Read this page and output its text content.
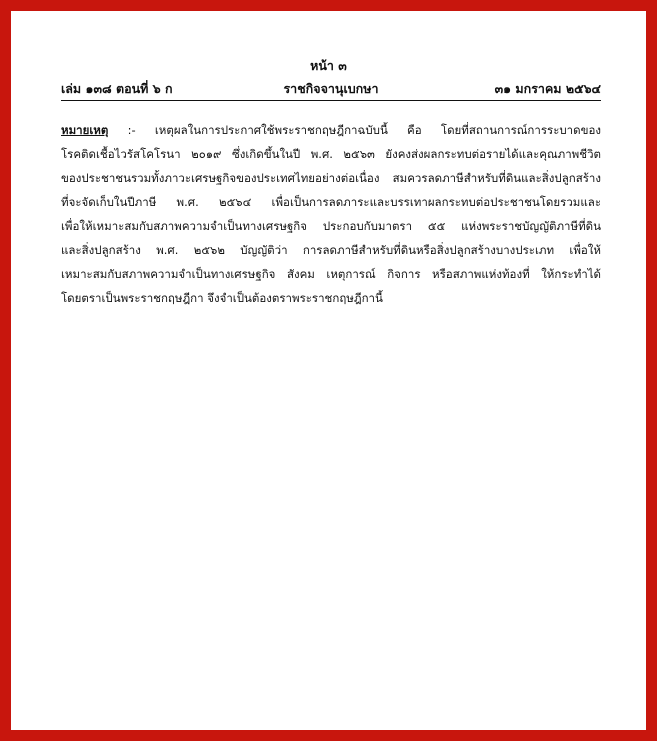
หน้า ๓
เล่ม ๑๓๘ ตอนที่ ๖ ก	ราชกิจจานุเบกษา	๓๑ มกราคม ๒๕๖๔
หมายเหตุ :- เหตุผลในการประกาศใช้พระราชกฤษฎีกาฉบับนี้ คือ โดยที่สถานการณ์การระบาดของ
โรคติดเชื้อไวรัสโคโรนา ๒๐๑๙ ซึ่งเกิดขึ้นในปี พ.ศ. ๒๕๖๓ ยังคงส่งผลกระทบต่อรายได้และคุณภาพชีวิต
ของประชาชนรวมทั้งภาวะเศรษฐกิจของประเทศไทยอย่างต่อเนื่อง สมควรลดภาษีสำหรับที่ดินและสิ่งปลูกสร้าง
ที่จะจัดเก็บในปีภาษี พ.ศ. ๒๕๖๔ เพื่อเป็นการลดภาระและบรรเทาผลกระทบต่อประชาชนโดยรวมและ
เพื่อให้เหมาะสมกับสภาพความจำเป็นทางเศรษฐกิจ ประกอบกับมาตรา ๕๕ แห่งพระราชบัญญัติภาษีที่ดิน
และสิ่งปลูกสร้าง พ.ศ. ๒๕๖๒ บัญญัติว่า การลดภาษีสำหรับที่ดินหรือสิ่งปลูกสร้างบางประเภท เพื่อให้
เหมาะสมกับสภาพความจำเป็นทางเศรษฐกิจ สังคม เหตุการณ์ กิจการ หรือสภาพแห่งท้องที่ ให้กระทำได้
โดยตราเป็นพระราชกฤษฎีกา จึงจำเป็นต้องตราพระราชกฤษฎีกานี้
